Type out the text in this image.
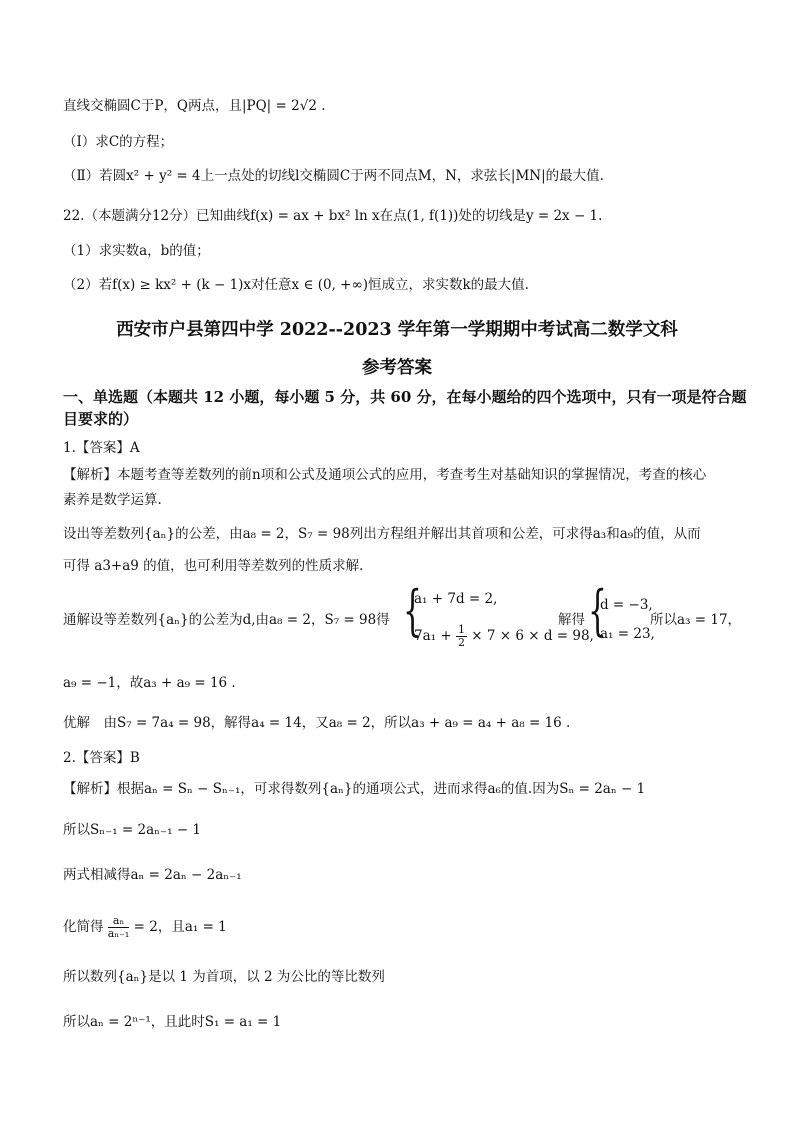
直线交椭圆C于P，Q两点，且|PQ| = 2√2 .
（Ⅰ）求C的方程；
（Ⅱ）若圆x² + y² = 4上一点处的切线l交椭圆C于两不同点M，N，求弦长|MN|的最大值.
22.（本题满分12分）已知曲线f(x) = ax + bx² ln x在点(1, f(1))处的切线是y = 2x − 1.
（1）求实数a，b的值；
（2）若f(x) ≥ kx² + (k − 1)x对任意x ∈ (0, +∞)恒成立，求实数k的最大值.
西安市户县第四中学 2022--2023 学年第一学期期中考试高二数学文科
参考答案
一、单选题（本题共 12 小题，每小题 5 分，共 60 分，在每小题给的四个选项中，只有一项是符合题目要求的）
1.【答案】A
【解析】本题考查等差数列的前n项和公式及通项公式的应用，考查考生对基础知识的掌握情况，考查的核心
素养是数学运算.
设出等差数列{aₙ}的公差，由a₈ = 2，S₇ = 98列出方程组并解出其首项和公差，可求得a₃和a₉的值，从而
可得 a3+a9 的值，也可利用等差数列的性质求解.
通解设等差数列{aₙ}的公差为d,由a₈ = 2，S₇ = 98得 {
a₁ + 7d = 2,
$7a_1 + \frac{1}{2} \times 7 \times 6 \times d = 98$,
解得 {
d = −3,
a₁ = 23,
所以a₃ = 17，
a₉ = −1，故a₃ + a₉ = 16 .
优解　由S₇ = 7a₄ = 98，解得a₄ = 14，又a₈ = 2，所以a₃ + a₉ = a₄ + a₈ = 16 .
2.【答案】B
【解析】根据aₙ = Sₙ − Sₙ₋₁，可求得数列{aₙ}的通项公式，进而求得a₆的值.因为Sₙ = 2aₙ − 1
所以Sₙ₋₁ = 2aₙ₋₁ − 1
两式相减得aₙ = 2aₙ − 2aₙ₋₁
化简得 $\frac{\text{aₙ}}{\text{aₙ₋₁}} = 2$，且a₁ = 1
所以数列{aₙ}是以 1 为首项，以 2 为公比的等比数列
所以aₙ = 2ⁿ⁻¹，且此时S₁ = a₁ = 1
